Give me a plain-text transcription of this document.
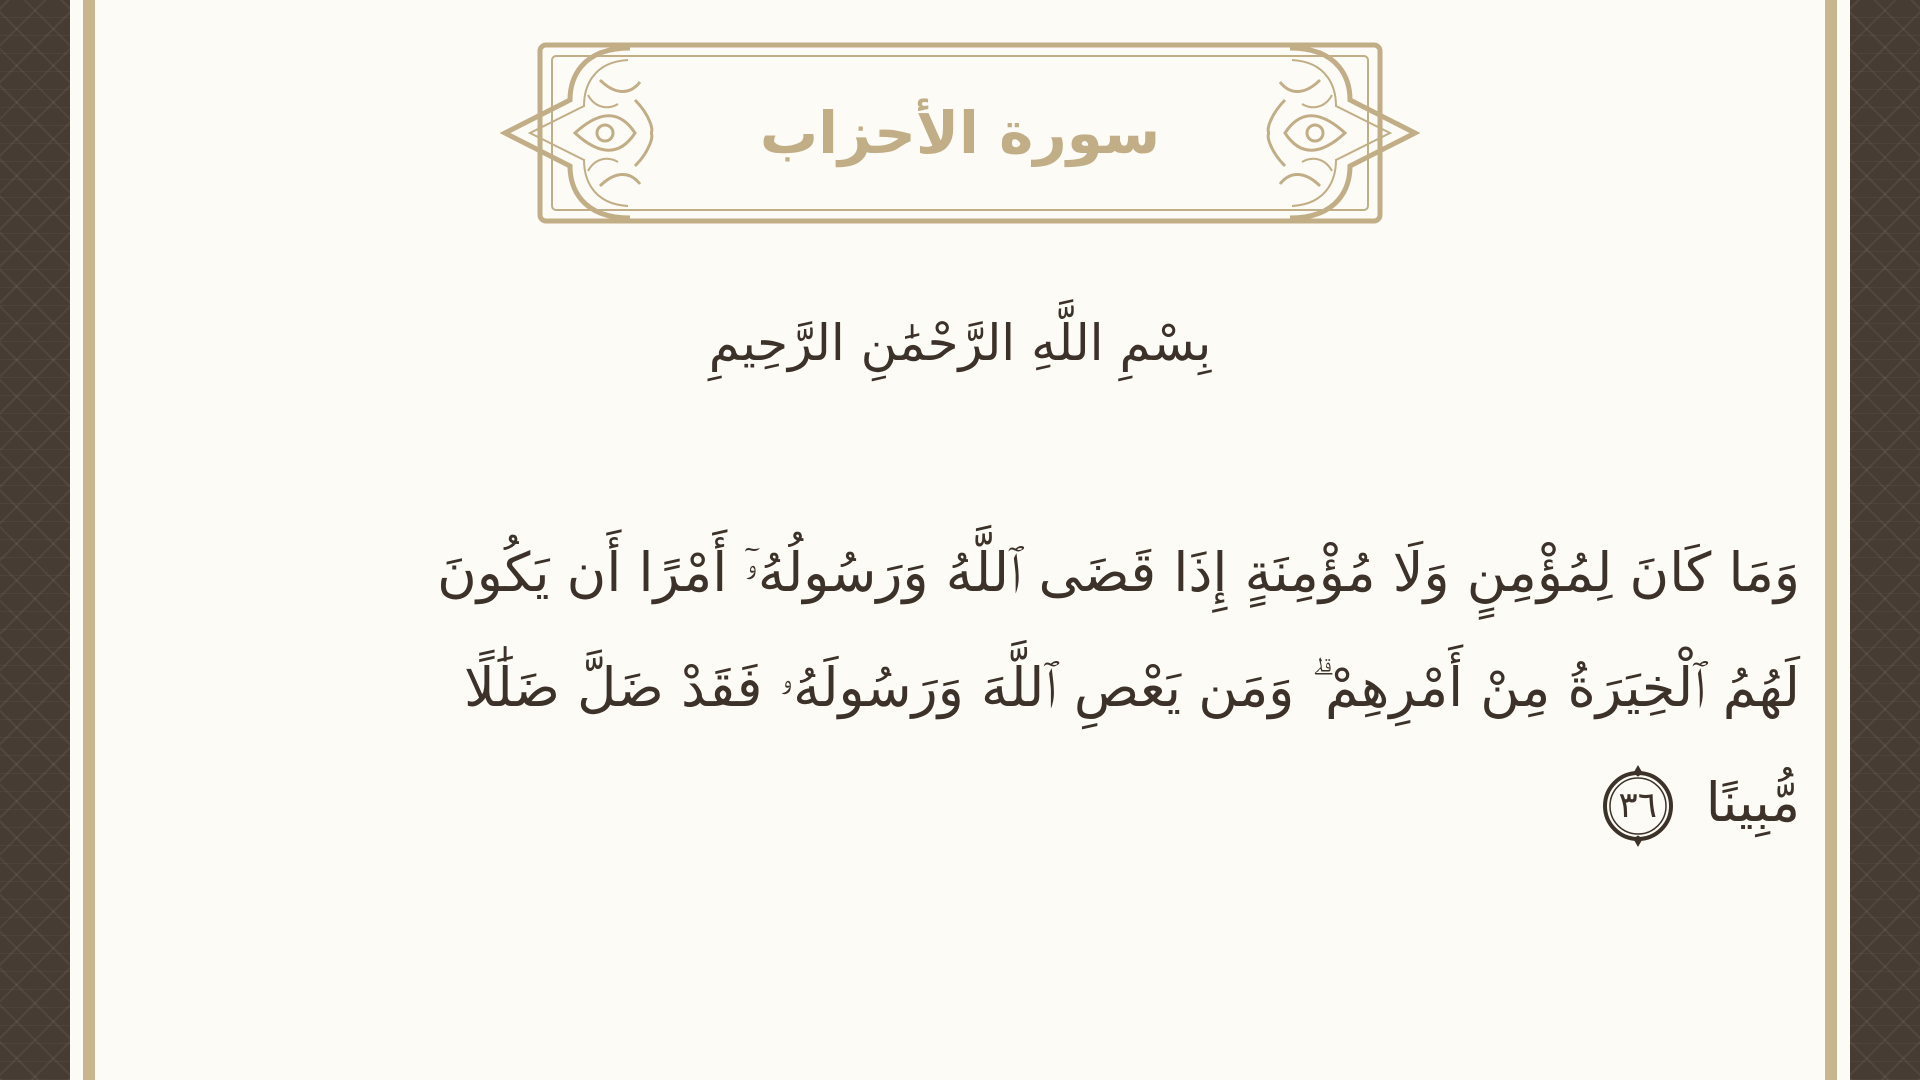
سورة الأحزاب
بِسْمِ اللَّهِ الرَّحْمَٰنِ الرَّحِيمِ
وَمَا كَانَ لِمُؤْمِنٍ وَلَا مُؤْمِنَةٍ إِذَا قَضَى ٱللَّهُ وَرَسُولُهُۥٓ أَمْرًا أَن يَكُونَ
لَهُمُ ٱلْخِيَرَةُ مِنْ أَمْرِهِمْ ۗ وَمَن يَعْصِ ٱللَّهَ وَرَسُولَهُۥ فَقَدْ ضَلَّ ضَلَٰلًا
مُّبِينًا
٣٦
